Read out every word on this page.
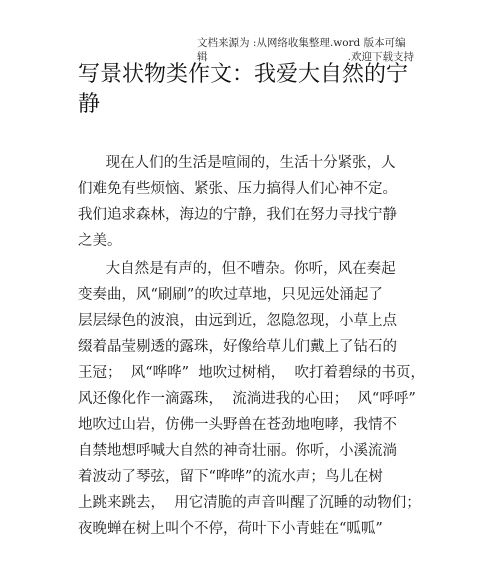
文档来源为 :从网络收集整理.word 版本可编
辑                                          .欢迎下载支持
写景状物类作文：我爱大自然的宁
静
现在人们的生活是喧闹的，生活十分紧张，人
们难免有些烦恼、紧张、压力搞得人们心神不定。
我们追求森林，海边的宁静，我们在努力寻找宁静
之美。
大自然是有声的，但不嘈杂。你听，风在奏起
变奏曲，风“刷刷”的吹过草地，只见远处涌起了
层层绿色的波浪，由远到近，忽隐忽现，小草上点
缀着晶莹剔透的露珠，好像给草儿们戴上了钻石的
王冠；  风“哗哗”  地吹过树梢，  吹打着碧绿的书页，
风还像化作一滴露珠，  流淌进我的心田；  风“呼呼”
地吹过山岩，仿佛一头野兽在苍劲地咆哮，我情不
自禁地想呼喊大自然的神奇壮丽。你听，小溪流淌
着波动了琴弦，留下“哗哗”的流水声；鸟儿在树
上跳来跳去，  用它清脆的声音叫醒了沉睡的动物们；
夜晚蝉在树上叫个不停，荷叶下小青蛙在“呱呱”
